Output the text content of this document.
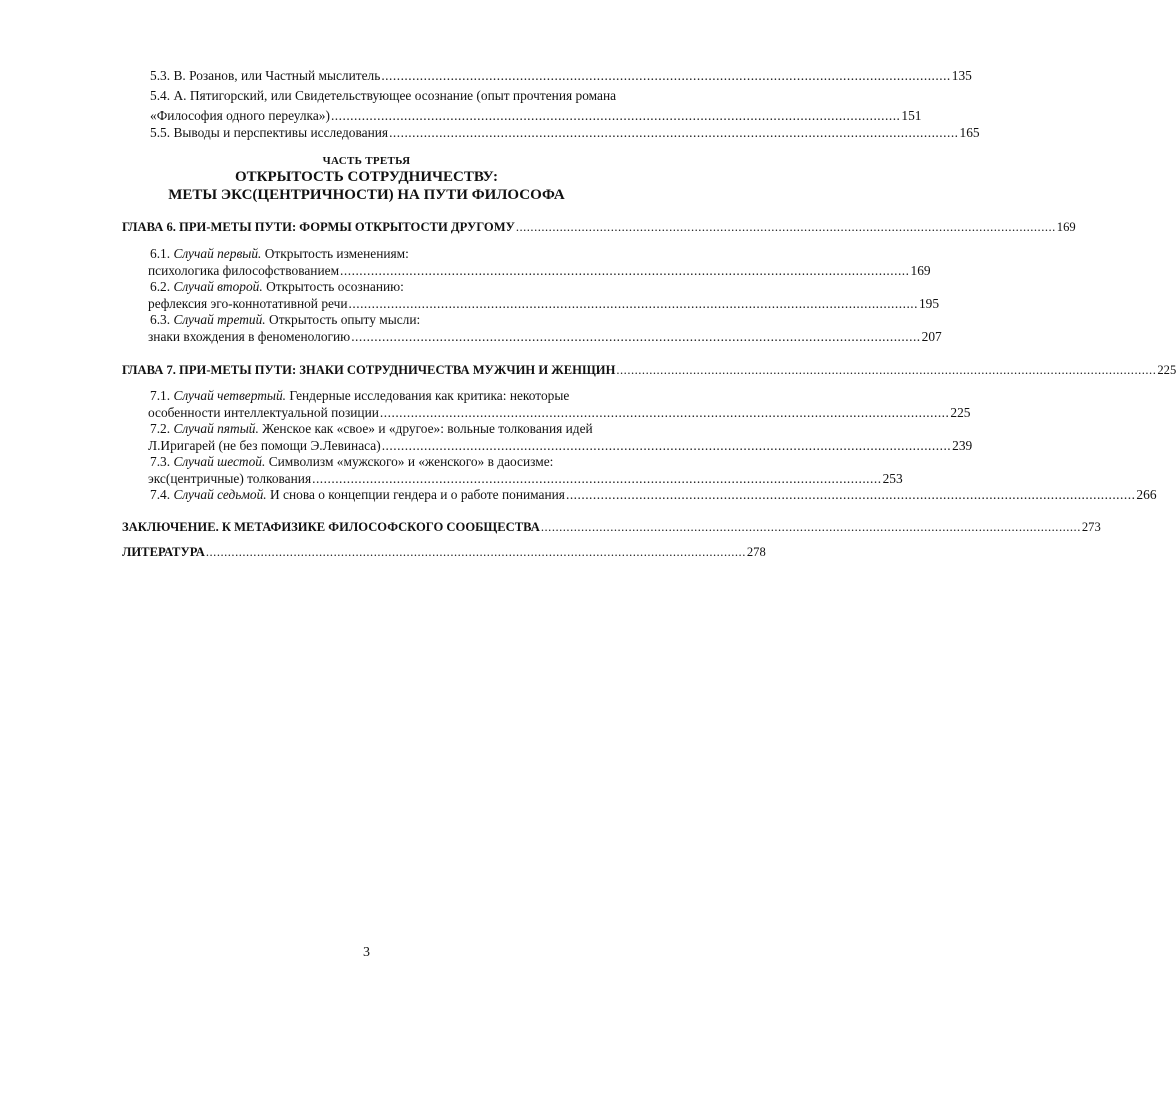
5.3. В. Розанов, или Частный мыслитель .................................................................................................................................................... 135
5.4. А. Пятигорский, или Свидетельствующее осознание (опыт прочтения романа
«Философия одного переулка») .................................................................................................................................................... 151
5.5. Выводы и перспективы исследования .................................................................................................................................................... 165
ЧАСТЬ ТРЕТЬЯ
ОТКРЫТОСТЬ СОТРУДНИЧЕСТВУ:
МЕТЫ ЭКС(ЦЕНТРИЧНОСТИ) НА ПУТИ ФИЛОСОФА
ГЛАВА 6. ПРИ-МЕТЫ ПУТИ: ФОРМЫ ОТКРЫТОСТИ ДРУГОМУ .................................................................................................................................................... 169
6.1. Случай первый. Открытость изменениям:
психологика философствованием .................................................................................................................................................... 169
6.2. Случай второй. Открытость осознанию:
рефлексия эго-коннотативной речи .................................................................................................................................................... 195
6.3. Случай третий. Открытость опыту мысли:
знаки вхождения в феноменологию .................................................................................................................................................... 207
ГЛАВА 7. ПРИ-МЕТЫ ПУТИ: ЗНАКИ СОТРУДНИЧЕСТВА МУЖЧИН И ЖЕНЩИН .................................................................................................................................................... 225
7.1. Случай четвертый. Гендерные исследования как критика: некоторые
особенности интеллектуальной позиции .................................................................................................................................................... 225
7.2. Случай пятый. Женское как «свое» и «другое»: вольные толкования идей
Л.Иригарей (не без помощи Э.Левинаса) .................................................................................................................................................... 239
7.3. Случай шестой. Символизм «мужского» и «женского» в даосизме:
экс(центричные) толкования .................................................................................................................................................... 253
7.4. Случай седьмой. И снова о концепции гендера и о работе понимания .................................................................................................................................................... 266
ЗАКЛЮЧЕНИЕ. К МЕТАФИЗИКЕ ФИЛОСОФСКОГО СООБЩЕСТВА .................................................................................................................................................... 273
ЛИТЕРАТУРА .................................................................................................................................................... 278
3
